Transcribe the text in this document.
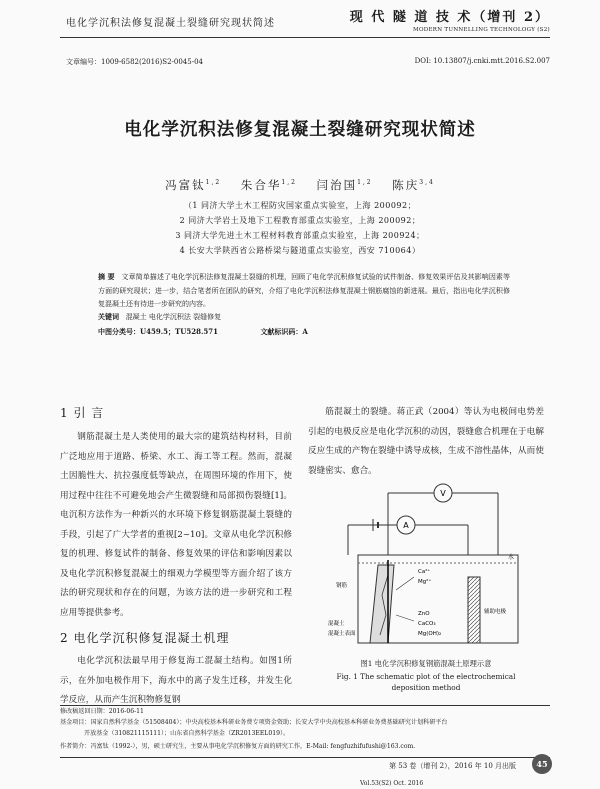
电化学沉积法修复混凝土裂缝研究现状简述	现 代 隧 道 技 术（增刊 2）
MODERN TUNNELLING TECHNOLOGY (S2)
文章编号：1009-6582(2016)S2-0045-04	DOI: 10.13807/j.cnki.mtt.2016.S2.007
电化学沉积法修复混凝土裂缝研究现状简述
冯富钛$^{1,2}$ 朱合华$^{1,2}$ 闫治国$^{1,2}$ 陈庆$^{3,4}$
（1 同济大学土木工程防灾国家重点实验室，上海 200092；
2 同济大学岩土及地下工程教育部重点实验室，上海 200092；
3 同济大学先进土木工程材料教育部重点实验室，上海 200924；
4 长安大学陕西省公路桥梁与隧道重点实验室，西安 710064）
摘 要 文章简单描述了电化学沉积法修复混凝土裂缝的机理，回顾了电化学沉积修复试验的试件制备、修复效果评估及其影响因素等方面的研究现状；进一步，结合笔者所在团队的研究，介绍了电化学沉积法修复混凝土钢筋腐蚀的新进展。最后，指出电化学沉积修复混凝土还有待进一步研究的内容。
关键词 混凝土 电化学沉积法 裂缝修复
中图分类号：U459.5；TU528.571	文献标识码：A
1 引 言
钢筋混凝土是人类使用的最大宗的建筑结构材料，目前广泛地应用于道路、桥梁、水工、海工等工程。然而，混凝土因脆性大、抗拉强度低等缺点，在周围环境的作用下，使用过程中往往不可避免地会产生微裂缝和局部损伤裂缝[1]。电沉积方法作为一种新兴的水环境下修复钢筋混凝土裂缝的手段，引起了广大学者的重视[2~10]。文章从电化学沉积修复的机理、修复试件的制备、修复效果的评估和影响因素以及电化学沉积修复混凝土的细观力学模型等方面介绍了该方法的研究现状和存在的问题，为该方法的进一步研究和工程应用等提供参考。
2 电化学沉积修复混凝土机理
电化学沉积法最早用于修复海工混凝土结构。如图1所示，在外加电极作用下，海水中的离子发生迁移，并发生化学反应，从而产生沉积物修复钢
筋混凝土的裂缝。蒋正武（2004）等认为电极间电势差引起的电极反应是电化学沉积的动因，裂缝愈合机理在于电解反应生成的产物在裂缝中诱导成核，生成不溶性晶体，从而使裂缝密实、愈合。
V
A
水
钢筋
混凝土
混凝土表面
辅助电极
Ca²⁺
Mg²⁺
ZnO
CaCO₃
Mg(OH)₂
图1 电化学沉积修复钢筋混凝土原理示意
Fig. 1 The schematic plot of the electrochemical
deposition method
修改稿返回日期：2016-06-11
基金项目：国家自然科学基金（51508404）；中央高校基本科研业务费专项资金资助；长安大学中央高校基本科研业务费基础研究计划科研平台
开放基金（310821115111）；山东省自然科学基金（ZR2013EEL019）。
作者简介：冯富钛（1992-），男，硕士研究生，主要从事电化学沉积修复方面的研究工作，E-Mail: fengfuzhifufushi@163.com.
第 53 卷（增刊 2），2016 年 10 月出版	45
Vol.53(S2) Oct. 2016
